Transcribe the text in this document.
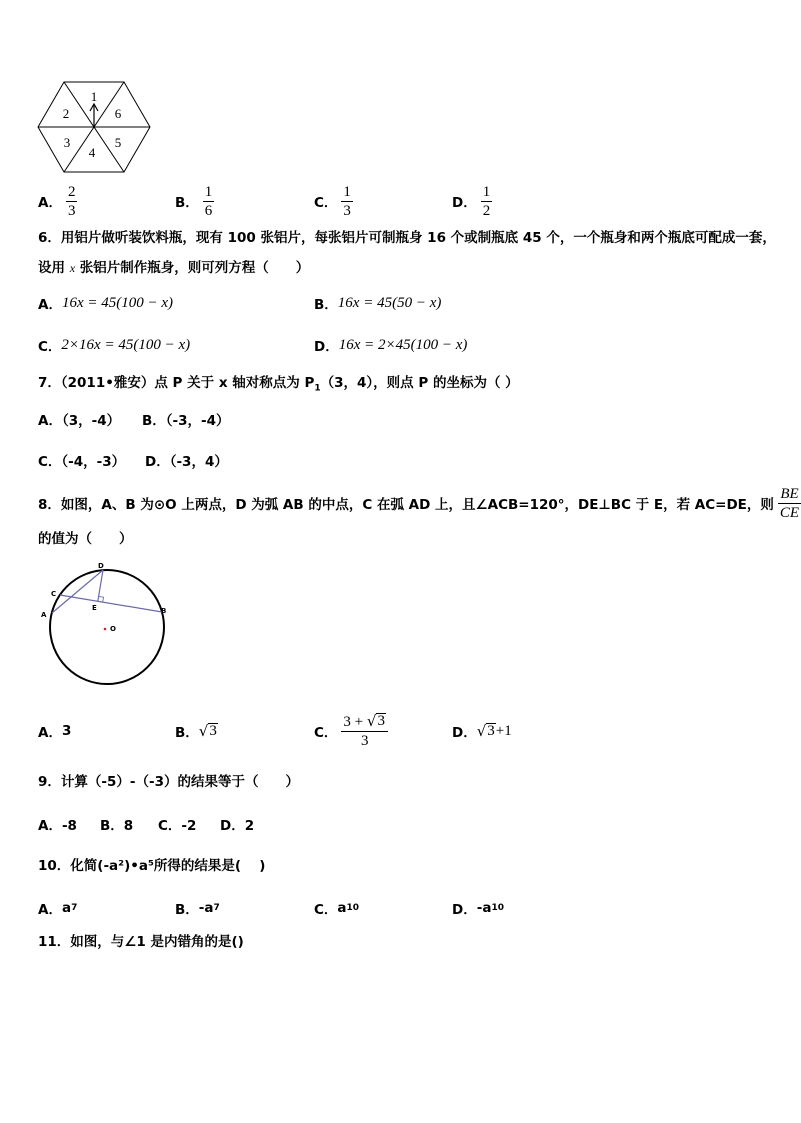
1
2	6
3
4
5
A． $\frac{2}{3}$	B． $\frac{1}{6}$	C． $\frac{1}{3}$	D． $\frac{1}{2}$
6．用铝片做听装饮料瓶，现有 100 张铝片，每张铝片可制瓶身 16 个或制瓶底 45 个，一个瓶身和两个瓶底可配成一套，
设用 x 张铝片制作瓶身，则可列方程（　　）
A． 16x = 45(100 − x)	B． 16x = 45(50 − x)
C． 2×16x = 45(100 − x)	D． 16x = 2×45(100 − x)
7．（2011•雅安）点 P 关于 x 轴对称点为 $P_1(3$，4），则点 P 的坐标为（ ）
A．（3，-4） B．（-3，-4）
C．（-4，-3） D．（-3，4）
8．如图，A、B 为⊙O 上两点，D 为弧 AB 的中点，C 在弧 AD 上，且∠ACB=120°，DE⊥BC 于 E，若 AC=DE，则 $\frac{BE}{CE}$
的值为（　　）
D
C
A
E	B
O
A． 3	B． √ 3	C． $\frac{3 + √ 3}{3}$	D． √ 3 +1
9．计算（-5）-（-3）的结果等于（　　）
A．-8 B．8 C．-2 D．2
10．化简(-a²)•a⁵所得的结果是(　 )
A． a 7	B． -a 7	C． a 10	D． -a 10
11．如图，与∠1 是内错角的是()
